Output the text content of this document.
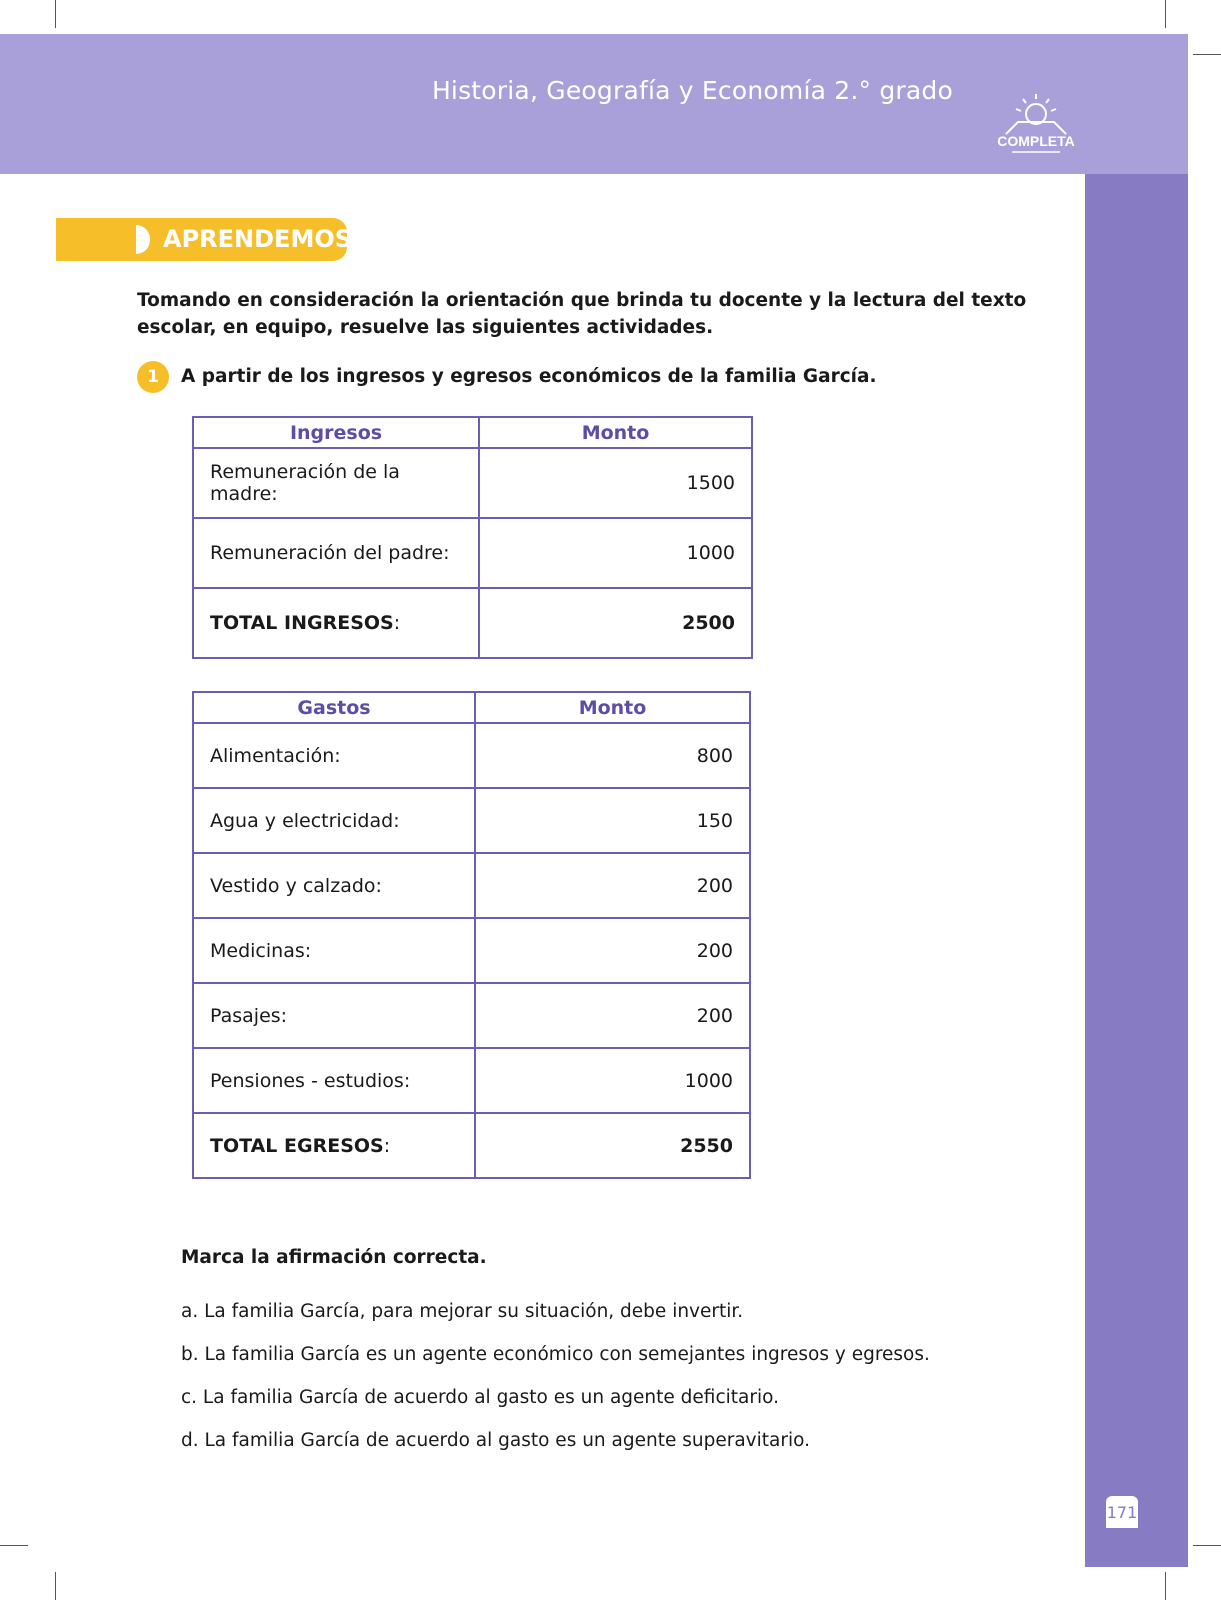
Historia, Geografía y Economía 2.° grado
COMPLETA
171
APRENDEMOS
Tomando en consideración la orientación que brinda tu docente y la lectura del texto escolar, en equipo, resuelve las siguientes actividades.
1	A partir de los ingresos y egresos económicos de la familia García.
Ingresos	Monto
Remuneración de la madre:	1500
Remuneración del padre:	1000
TOTAL INGRESOS:	2500
Gastos	Monto
Alimentación:	800
Agua y electricidad:	150
Vestido y calzado:	200
Medicinas:	200
Pasajes:	200
Pensiones - estudios:	1000
TOTAL EGRESOS:	2550
Marca la afirmación correcta.
a. La familia García, para mejorar su situación, debe invertir.
b. La familia García es un agente económico con semejantes ingresos y egresos.
c. La familia García de acuerdo al gasto es un agente deficitario.
d. La familia García de acuerdo al gasto es un agente superavitario.
